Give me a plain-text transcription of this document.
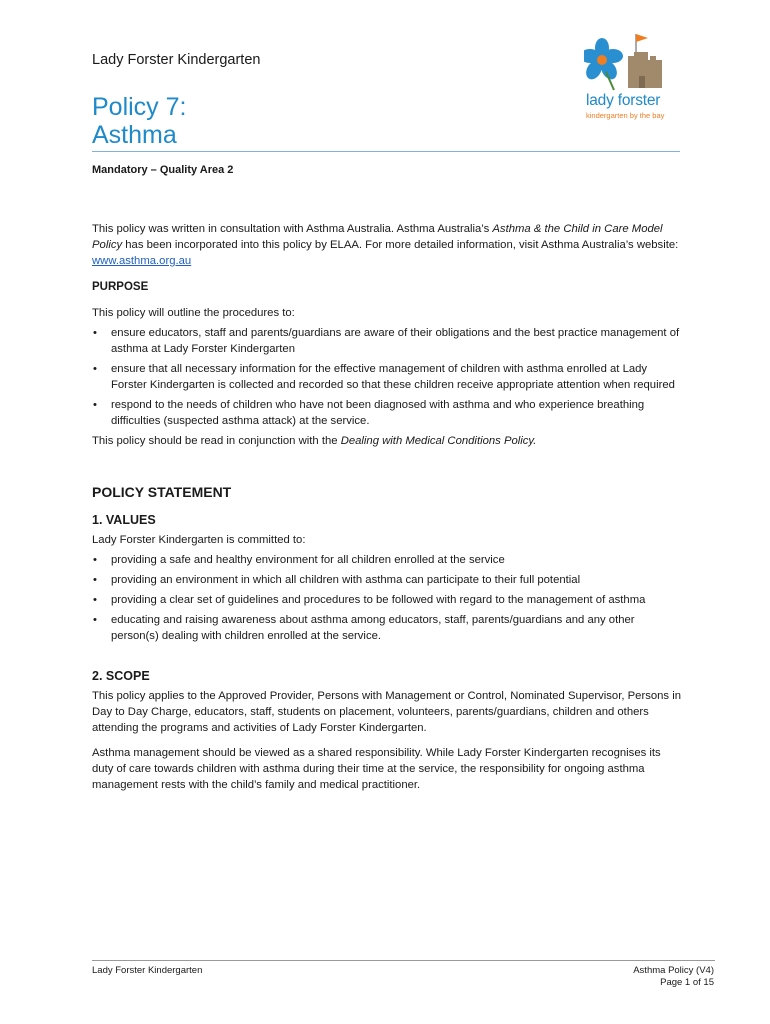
Lady Forster Kindergarten
lady forster
kindergarten by the bay
Policy 7:
Asthma
Mandatory – Quality Area 2

This policy was written in consultation with Asthma Australia. Asthma Australia’s Asthma & the Child in Care Model Policy has been incorporated into this policy by ELAA. For more detailed information, visit Asthma Australia’s website: www.asthma.org.au

PURPOSE

This policy will outline the procedures to:

• ensure educators, staff and parents/guardians are aware of their obligations and the best practice management of asthma at Lady Forster Kindergarten
• ensure that all necessary information for the effective management of children with asthma enrolled at Lady Forster Kindergarten is collected and recorded so that these children receive appropriate attention when required
• respond to the needs of children who have not been diagnosed with asthma and who experience breathing difficulties (suspected asthma attack) at the service.

This policy should be read in conjunction with the Dealing with Medical Conditions Policy.

POLICY STATEMENT
1. VALUES

Lady Forster Kindergarten is committed to:

• providing a safe and healthy environment for all children enrolled at the service
• providing an environment in which all children with asthma can participate to their full potential
• providing a clear set of guidelines and procedures to be followed with regard to the management of asthma
• educating and raising awareness about asthma among educators, staff, parents/guardians and any other person(s) dealing with children enrolled at the service.
2. SCOPE

This policy applies to the Approved Provider, Persons with Management or Control, Nominated Supervisor, Persons in Day to Day Charge, educators, staff, students on placement, volunteers, parents/guardians, children and others attending the programs and activities of Lady Forster Kindergarten.

Asthma management should be viewed as a shared responsibility. While Lady Forster Kindergarten recognises its duty of care towards children with asthma during their time at the service, the responsibility for ongoing asthma management rests with the child’s family and medical practitioner.

Lady Forster Kindergarten	Asthma Policy (V4)
Page 1 of 15
